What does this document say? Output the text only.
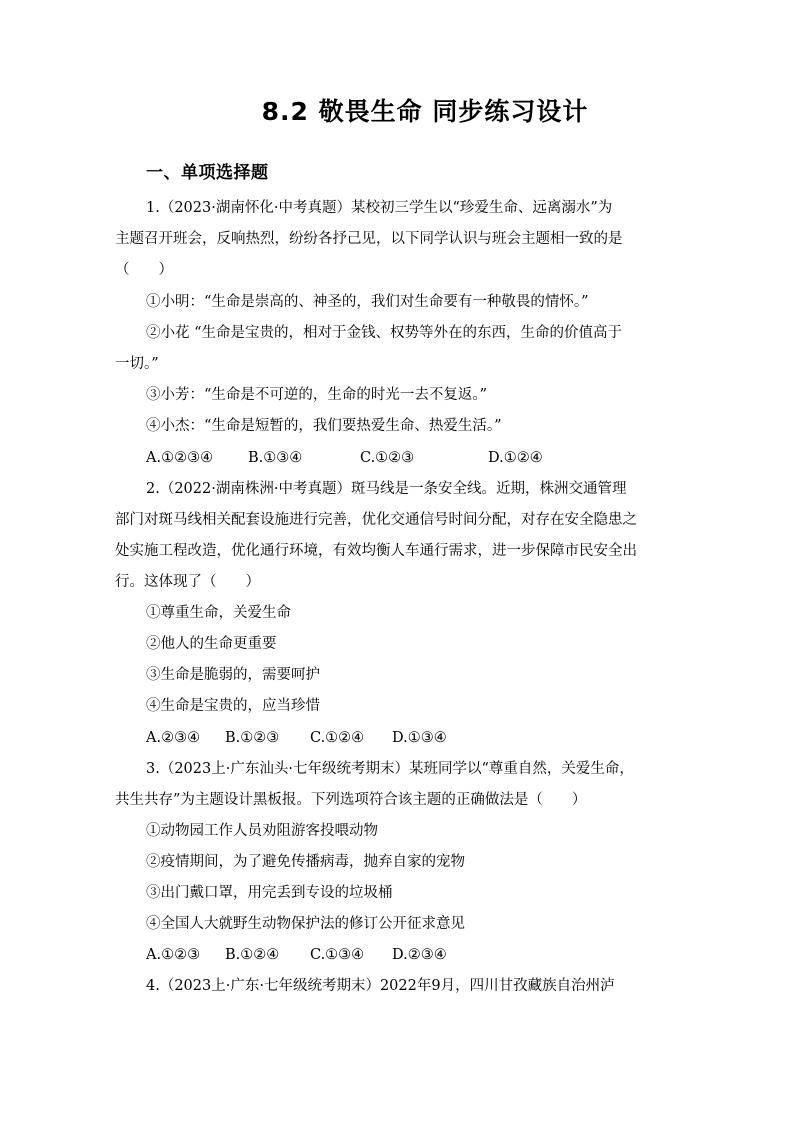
8.2 敬畏生命 同步练习设计
一、单项选择题
1.（2023·湖南怀化·中考真题）某校初三学生以“珍爱生命、远离溺水”为
主题召开班会，反响热烈，纷纷各抒己见，以下同学认识与班会主题相一致的是
（　　）
①小明：“生命是崇高的、神圣的，我们对生命要有一种敬畏的情怀。”
②小花 “生命是宝贵的，相对于金钱、权势等外在的东西，生命的价值高于
一切。”
③小芳：“生命是不可逆的，生命的时光一去不复返。”
④小杰：“生命是短暂的，我们要热爱生命、热爱生活。”
A.①②③④ B.①③④	C.①②③	D.①②④
2.（2022·湖南株洲·中考真题）斑马线是一条安全线。近期，株洲交通管理
部门对斑马线相关配套设施进行完善，优化交通信号时间分配，对存在安全隐患之
处实施工程改造，优化通行环境，有效均衡人车通行需求，进一步保障市民安全出
行。这体现了（　　）
①尊重生命，关爱生命
②他人的生命更重要
③生命是脆弱的，需要呵护
④生命是宝贵的，应当珍惜
A.②③④ B.①②③ C.①②④ D.①③④
3.（2023上·广东汕头·七年级统考期末）某班同学以“尊重自然，关爱生命，
共生共存”为主题设计黑板报。下列选项符合该主题的正确做法是（　　）
①动物园工作人员劝阻游客投喂动物
②疫情期间，为了避免传播病毒，抛弃自家的宠物
③出门戴口罩，用完丢到专设的垃圾桶
④全国人大就野生动物保护法的修订公开征求意见
A.①②③ B.①②④ C.①③④ D.②③④
4.（2023上·广东·七年级统考期末）2022年9月，四川甘孜藏族自治州泸
